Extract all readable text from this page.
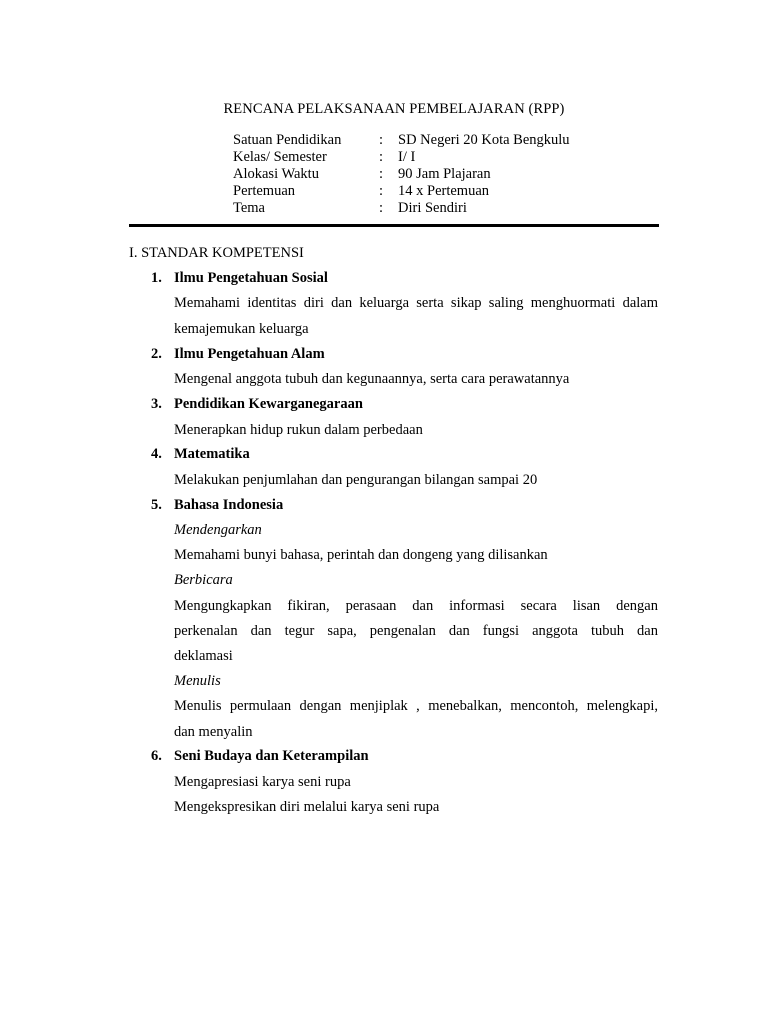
RENCANA PELAKSANAAN PEMBELAJARAN (RPP)
Satuan Pendidikan	:	SD Negeri 20 Kota Bengkulu
Kelas/ Semester	:	I/ I
Alokasi Waktu	:	90 Jam Plajaran
Pertemuan	:	14 x Pertemuan
Tema	:	Diri Sendiri
I. STANDAR KOMPETENSI
1. Ilmu Pengetahuan Sosial
Memahami identitas diri dan keluarga serta sikap saling menghuormati dalam
kemajemukan keluarga
2. Ilmu Pengetahuan Alam
Mengenal anggota tubuh dan kegunaannya, serta cara perawatannya
3. Pendidikan Kewarganegaraan
Menerapkan hidup rukun dalam perbedaan
4. Matematika
Melakukan penjumlahan dan pengurangan bilangan sampai 20
5. Bahasa Indonesia
Mendengarkan
Memahami bunyi bahasa, perintah dan dongeng yang dilisankan
Berbicara
Mengungkapkan fikiran, perasaan dan informasi secara lisan dengan
perkenalan dan tegur sapa, pengenalan dan fungsi anggota tubuh dan
deklamasi
Menulis
Menulis permulaan dengan menjiplak , menebalkan, mencontoh, melengkapi,
dan menyalin
6. Seni Budaya dan Keterampilan
Mengapresiasi karya seni rupa
Mengekspresikan diri melalui karya seni rupa
